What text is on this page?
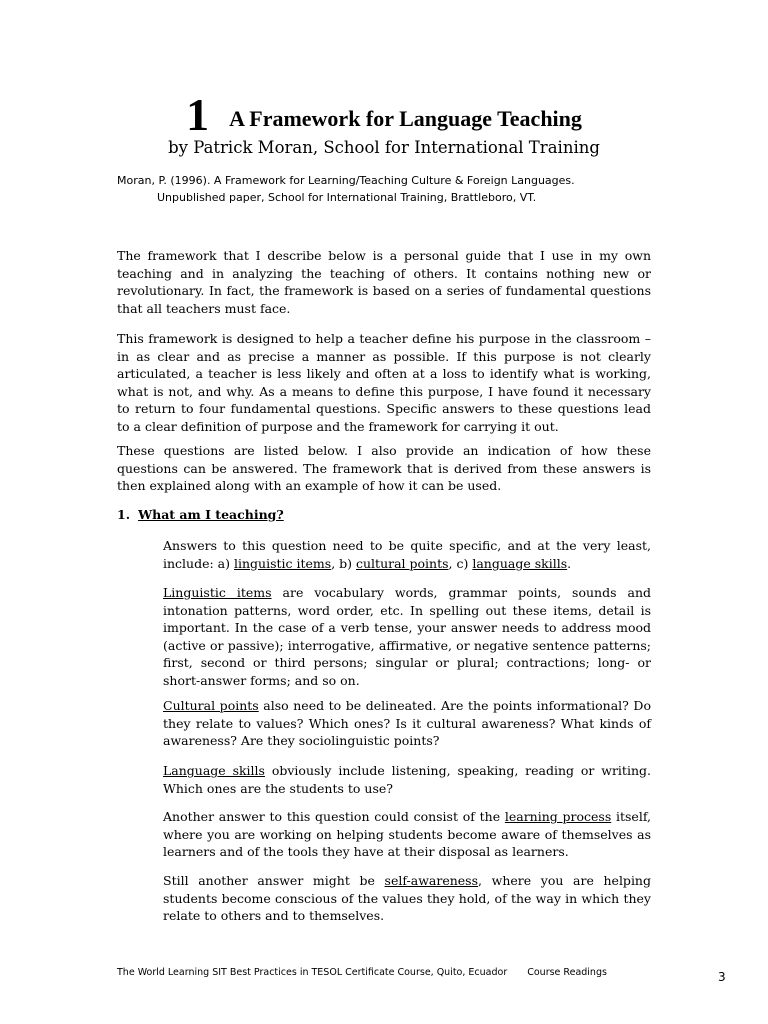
1 A Framework for Language Teaching
by Patrick Moran, School for International Training
Moran, P. (1996). A Framework for Learning/Teaching Culture & Foreign Languages.
Unpublished paper, School for International Training, Brattleboro, VT.

The framework that I describe below is a personal guide that I use in my own teaching and in analyzing the teaching of others. It contains nothing new or revolutionary. In fact, the framework is based on a series of fundamental questions that all teachers must face.

This framework is designed to help a teacher define his purpose in the classroom – in as clear and as precise a manner as possible. If this purpose is not clearly articulated, a teacher is less likely and often at a loss to identify what is working, what is not, and why. As a means to define this purpose, I have found it necessary to return to four fundamental questions. Specific answers to these questions lead to a clear definition of purpose and the framework for carrying it out.

These questions are listed below. I also provide an indication of how these questions can be answered. The framework that is derived from these answers is then explained along with an example of how it can be used.

1. What am I teaching?

Answers to this question need to be quite specific, and at the very least, include: a) linguistic items, b) cultural points, c) language skills.

Linguistic items are vocabulary words, grammar points, sounds and intonation patterns, word order, etc. In spelling out these items, detail is important. In the case of a verb tense, your answer needs to address mood (active or passive); interrogative, affirmative, or negative sentence patterns; first, second or third persons; singular or plural; contractions; long- or short-answer forms; and so on.

Cultural points also need to be delineated. Are the points informational? Do they relate to values? Which ones? Is it cultural awareness? What kinds of awareness? Are they sociolinguistic points?

Language skills obviously include listening, speaking, reading or writing. Which ones are the students to use?

Another answer to this question could consist of the learning process itself, where you are working on helping students become aware of themselves as learners and of the tools they have at their disposal as learners.

Still another answer might be self-awareness, where you are helping students become conscious of the values they hold, of the way in which they relate to others and to themselves.

The World Learning SIT Best Practices in TESOL Certificate Course, Quito, Ecuador Course Readings	3
